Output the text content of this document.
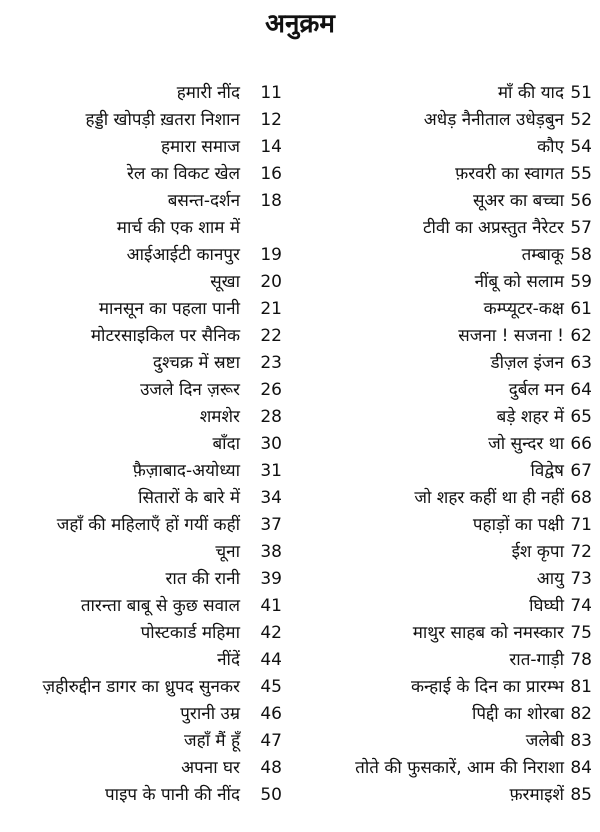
अनुक्रम
हमारी नींद	11
हड्डी खोपड़ी ख़तरा निशान	12
हमारा समाज	14
रेल का विकट खेल	16
बसन्त-दर्शन	18
मार्च की एक शाम में
आईआईटी कानपुर	19
सूखा	20
मानसून का पहला पानी	21
मोटरसाइकिल पर सैनिक	22
दुश्चक्र में स्रष्टा	23
उजले दिन ज़रूर	26
शमशेर	28
बाँदा	30
फ़ैज़ाबाद-अयोध्या	31
सितारों के बारे में	34
जहाँ की महिलाएँ हों गयीं कहीं	37
चूना	38
रात की रानी	39
तारन्ता बाबू से कुछ सवाल	41
पोस्टकार्ड महिमा	42
नींदें	44
ज़हीरुद्दीन डागर का ध्रुपद सुनकर	45
पुरानी उम्र	46
जहाँ मैं हूँ	47
अपना घर	48
पाइप के पानी की नींद	50
माँ की याद 51
अधेड़ नैनीताल उधेड़बुन 52
कौए 54
फ़रवरी का स्वागत 55
सूअर का बच्चा 56
टीवी का अप्रस्तुत नैरेटर 57
तम्बाकू 58
नींबू को सलाम 59
कम्प्यूटर-कक्ष 61
सजना ! सजना ! 62
डीज़ल इंजन 63
दुर्बल मन 64
बड़े शहर में 65
जो सुन्दर था 66
विद्वेष 67
जो शहर कहीं था ही नहीं 68
पहाड़ों का पक्षी 71
ईश कृपा 72
आयु 73
घिघ्घी 74
माथुर साहब को नमस्कार 75
रात-गाड़ी 78
कन्हाई के दिन का प्रारम्भ 81
पिद्दी का शोरबा 82
जलेबी 83
तोते की फुसकारें, आम की निराशा 84
फ़रमाइशें 85
